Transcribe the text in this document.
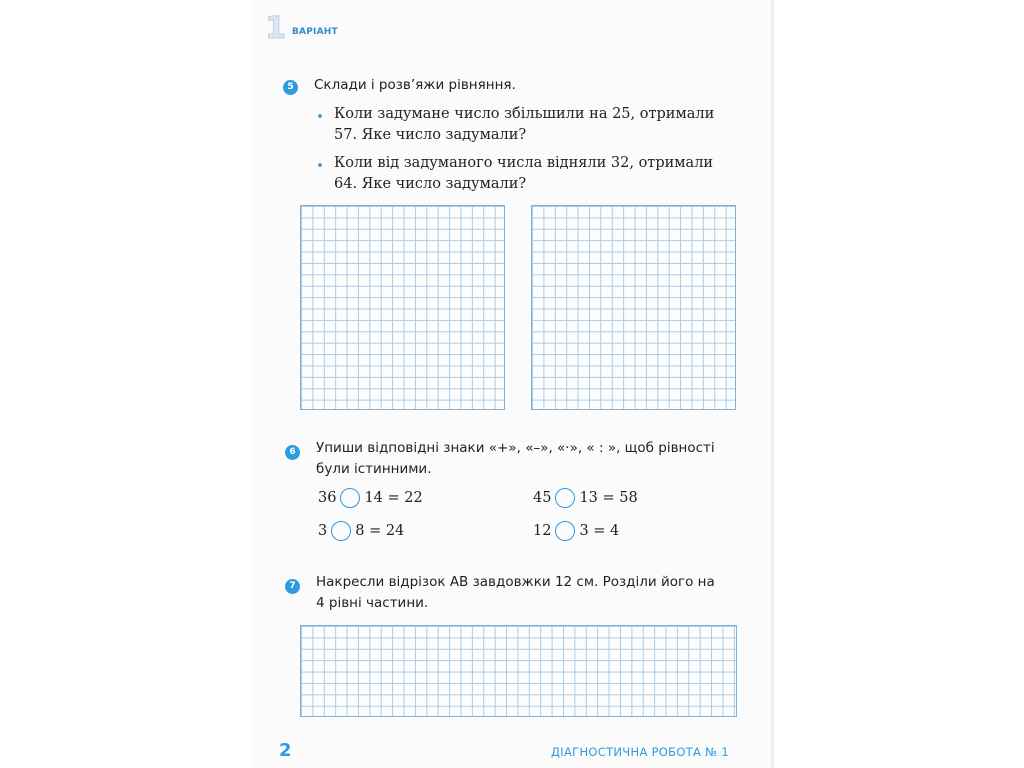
1 ВАРІАНТ
5	Склади і розв’яжи рівняння.
Коли задумане число збільшили на 25, отримали
57. Яке число задумали?
Коли від задуманого числа відняли 32, отримали
64. Яке число задумали?
6	Упиши відповідні знаки «+», «–», «·», « : », щоб рівності
були істинними.
36 14 = 22	45 13 = 58
3 8 = 24	12 3 = 4
7	Накресли відрізок AB завдовжки 12 см. Розділи його на
4 рівні частини.
2	ДІАГНОСТИЧНА РОБОТА № 1
